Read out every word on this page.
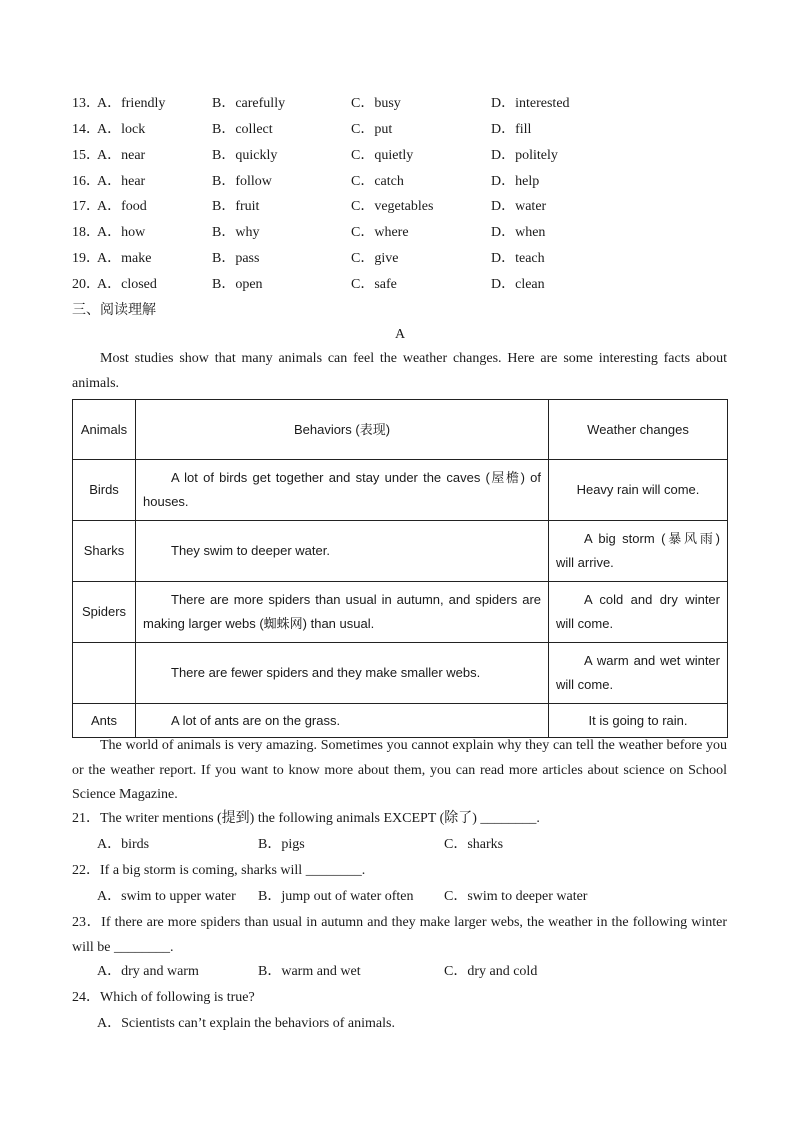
13．
A．friendly	B．carefully	C．busy	D．interested
14．
A．lock	B．collect	C．put	D．fill
15．
A．near	B．quickly	C．quietly	D．politely
16．
A．hear	B．follow	C．catch	D．help
17．
A．food	B．fruit	C．vegetables	D．water
18．
A．how	B．why	C．where	D．when
19．
A．make	B．pass	C．give	D．teach
20．
A．closed	B．open	C．safe	D．clean
三、阅读理解
A
Most studies show that many animals can feel the weather changes. Here are some interesting facts about animals.
Animals	Behaviors (表现)	Weather changes
Birds	A lot of birds get together and stay under the caves (屋檐) of houses.	Heavy rain will come.
Sharks	They swim to deeper water.	A big storm (暴风雨) will arrive.
Spiders	There are more spiders than usual in autumn, and spiders are making larger webs (蜘蛛网) than usual.	A cold and dry winter will come.
	There are fewer spiders and they make smaller webs.	A warm and wet winter will come.
Ants	A lot of ants are on the grass.	It is going to rain.
The world of animals is very amazing. Sometimes you cannot explain why they can tell the weather before you or the weather report. If you want to know more about them, you can read more articles about science on School Science Magazine.
21．The writer mentions (提到) the following animals EXCEPT (除了) ________.
A．birds	B．pigs	C．sharks
22．If a big storm is coming, sharks will ________.
A．swim to upper water B．jump out of water often C．swim to deeper water
23．If there are more spiders than usual in autumn and they make larger webs, the weather in the following winter will be ________.
A．dry and warm	B．warm and wet	C．dry and cold
24．Which of following is true?
A．Scientists can’t explain the behaviors of animals.
